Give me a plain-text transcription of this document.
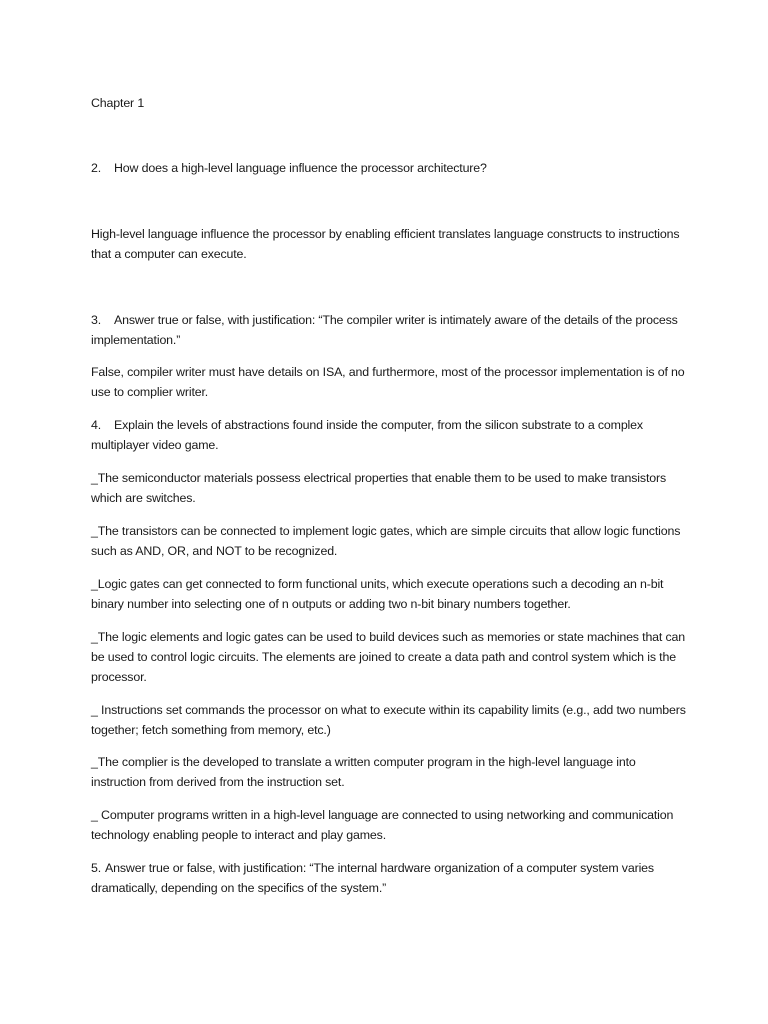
Chapter 1

2. How does a high-level language influence the processor architecture?

High-level language influence the processor by enabling efficient translates language constructs to instructions that a computer can execute.

3. Answer true or false, with justification: “The compiler writer is intimately aware of the details of the process implementation.”

False, compiler writer must have details on ISA, and furthermore, most of the processor implementation is of no use to complier writer.

4. Explain the levels of abstractions found inside the computer, from the silicon substrate to a complex multiplayer video game.

_The semiconductor materials possess electrical properties that enable them to be used to make transistors which are switches.

_The transistors can be connected to implement logic gates, which are simple circuits that allow logic functions such as AND, OR, and NOT to be recognized.

_Logic gates can get connected to form functional units, which execute operations such a decoding an n-bit binary number into selecting one of n outputs or adding two n-bit binary numbers together.

_The logic elements and logic gates can be used to build devices such as memories or state machines that can be used to control logic circuits. The elements are joined to create a data path and control system which is the processor.

_ Instructions set commands the processor on what to execute within its capability limits (e.g., add two numbers together; fetch something from memory, etc.)

_The complier is the developed to translate a written computer program in the high-level language into instruction from derived from the instruction set.

_ Computer programs written in a high-level language are connected to using networking and communication technology enabling people to interact and play games.

5. Answer true or false, with justification: “The internal hardware organization of a computer system varies dramatically, depending on the specifics of the system.”
